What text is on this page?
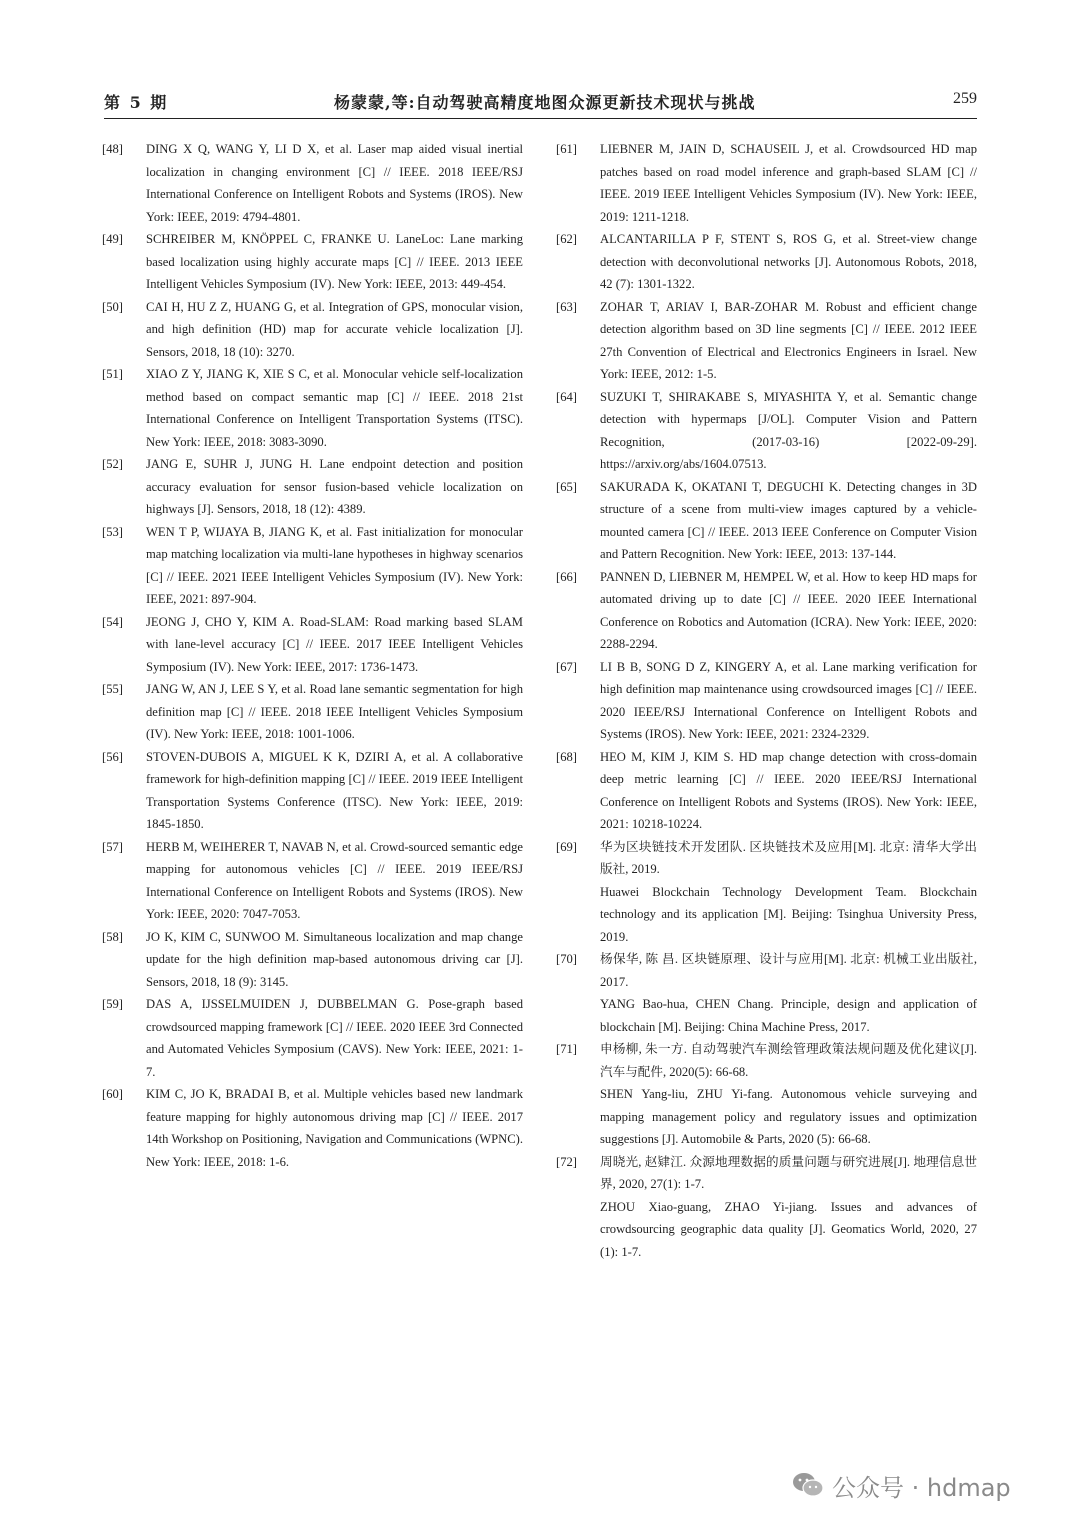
第 5 期	杨蒙蒙,等:自动驾驶高精度地图众源更新技术现状与挑战	259
[48] DING X Q, WANG Y, LI D X, et al. Laser map aided visual inertial localization in changing environment [C] // IEEE. 2018 IEEE/RSJ International Conference on Intelligent Robots and Systems (IROS). New York: IEEE, 2019: 4794-4801.
[49] SCHREIBER M, KNÖPPEL C, FRANKE U. LaneLoc: Lane marking based localization using highly accurate maps [C] // IEEE. 2013 IEEE Intelligent Vehicles Symposium (IV). New York: IEEE, 2013: 449-454.
[50] CAI H, HU Z Z, HUANG G, et al. Integration of GPS, monocular vision, and high definition (HD) map for accurate vehicle localization [J]. Sensors, 2018, 18 (10): 3270.
[51] XIAO Z Y, JIANG K, XIE S C, et al. Monocular vehicle self-localization method based on compact semantic map [C] // IEEE. 2018 21st International Conference on Intelligent Transportation Systems (ITSC). New York: IEEE, 2018: 3083-3090.
[52] JANG E, SUHR J, JUNG H. Lane endpoint detection and position accuracy evaluation for sensor fusion-based vehicle localization on highways [J]. Sensors, 2018, 18 (12): 4389.
[53] WEN T P, WIJAYA B, JIANG K, et al. Fast initialization for monocular map matching localization via multi-lane hypotheses in highway scenarios [C] // IEEE. 2021 IEEE Intelligent Vehicles Symposium (IV). New York: IEEE, 2021: 897-904.
[54] JEONG J, CHO Y, KIM A. Road-SLAM: Road marking based SLAM with lane-level accuracy [C] // IEEE. 2017 IEEE Intelligent Vehicles Symposium (IV). New York: IEEE, 2017: 1736-1473.
[55] JANG W, AN J, LEE S Y, et al. Road lane semantic segmentation for high definition map [C] // IEEE. 2018 IEEE Intelligent Vehicles Symposium (IV). New York: IEEE, 2018: 1001-1006.
[56] STOVEN-DUBOIS A, MIGUEL K K, DZIRI A, et al. A collaborative framework for high-definition mapping [C] // IEEE. 2019 IEEE Intelligent Transportation Systems Conference (ITSC). New York: IEEE, 2019: 1845-1850.
[57] HERB M, WEIHERER T, NAVAB N, et al. Crowd-sourced semantic edge mapping for autonomous vehicles [C] // IEEE. 2019 IEEE/RSJ International Conference on Intelligent Robots and Systems (IROS). New York: IEEE, 2020: 7047-7053.
[58] JO K, KIM C, SUNWOO M. Simultaneous localization and map change update for the high definition map-based autonomous driving car [J]. Sensors, 2018, 18 (9): 3145.
[59] DAS A, IJSSELMUIDEN J, DUBBELMAN G. Pose-graph based crowdsourced mapping framework [C] // IEEE. 2020 IEEE 3rd Connected and Automated Vehicles Symposium (CAVS). New York: IEEE, 2021: 1-7.
[60] KIM C, JO K, BRADAI B, et al. Multiple vehicles based new landmark feature mapping for highly autonomous driving map [C] // IEEE. 2017 14th Workshop on Positioning, Navigation and Communications (WPNC). New York: IEEE, 2018: 1-6.
[61] LIEBNER M, JAIN D, SCHAUSEIL J, et al. Crowdsourced HD map patches based on road model inference and graph-based SLAM [C] // IEEE. 2019 IEEE Intelligent Vehicles Symposium (IV). New York: IEEE, 2019: 1211-1218.
[62] ALCANTARILLA P F, STENT S, ROS G, et al. Street-view change detection with deconvolutional networks [J]. Autonomous Robots, 2018, 42 (7): 1301-1322.
[63] ZOHAR T, ARIAV I, BAR-ZOHAR M. Robust and efficient change detection algorithm based on 3D line segments [C] // IEEE. 2012 IEEE 27th Convention of Electrical and Electronics Engineers in Israel. New York: IEEE, 2012: 1-5.
[64] SUZUKI T, SHIRAKABE S, MIYASHITA Y, et al. Semantic change detection with hypermaps [J/OL]. Computer Vision and Pattern Recognition, (2017-03-16) [2022-09-29]. https://arxiv.org/abs/1604.07513.
[65] SAKURADA K, OKATANI T, DEGUCHI K. Detecting changes in 3D structure of a scene from multi-view images captured by a vehicle-mounted camera [C] // IEEE. 2013 IEEE Conference on Computer Vision and Pattern Recognition. New York: IEEE, 2013: 137-144.
[66] PANNEN D, LIEBNER M, HEMPEL W, et al. How to keep HD maps for automated driving up to date [C] // IEEE. 2020 IEEE International Conference on Robotics and Automation (ICRA). New York: IEEE, 2020: 2288-2294.
[67] LI B B, SONG D Z, KINGERY A, et al. Lane marking verification for high definition map maintenance using crowdsourced images [C] // IEEE. 2020 IEEE/RSJ International Conference on Intelligent Robots and Systems (IROS). New York: IEEE, 2021: 2324-2329.
[68] HEO M, KIM J, KIM S. HD map change detection with cross-domain deep metric learning [C] // IEEE. 2020 IEEE/RSJ International Conference on Intelligent Robots and Systems (IROS). New York: IEEE, 2021: 10218-10224.
[69] 华为区块链技术开发团队. 区块链技术及应用[M]. 北京: 清华大学出版社, 2019.
Huawei Blockchain Technology Development Team. Blockchain technology and its application [M]. Beijing: Tsinghua University Press, 2019.
[70] 杨保华, 陈 昌. 区块链原理、设计与应用[M]. 北京: 机械工业出版社, 2017.
YANG Bao-hua, CHEN Chang. Principle, design and application of blockchain [M]. Beijing: China Machine Press, 2017.
[71] 申杨柳, 朱一方. 自动驾驶汽车测绘管理政策法规问题及优化建议[J]. 汽车与配件, 2020(5): 66-68.
SHEN Yang-liu, ZHU Yi-fang. Autonomous vehicle surveying and mapping management policy and regulatory issues and optimization suggestions [J]. Automobile & Parts, 2020 (5): 66-68.
[72] 周晓光, 赵肄江. 众源地理数据的质量问题与研究进展[J]. 地理信息世界, 2020, 27(1): 1-7.
ZHOU Xiao-guang, ZHAO Yi-jiang. Issues and advances of crowdsourcing geographic data quality [J]. Geomatics World, 2020, 27 (1): 1-7.
公众号 · hdmap
